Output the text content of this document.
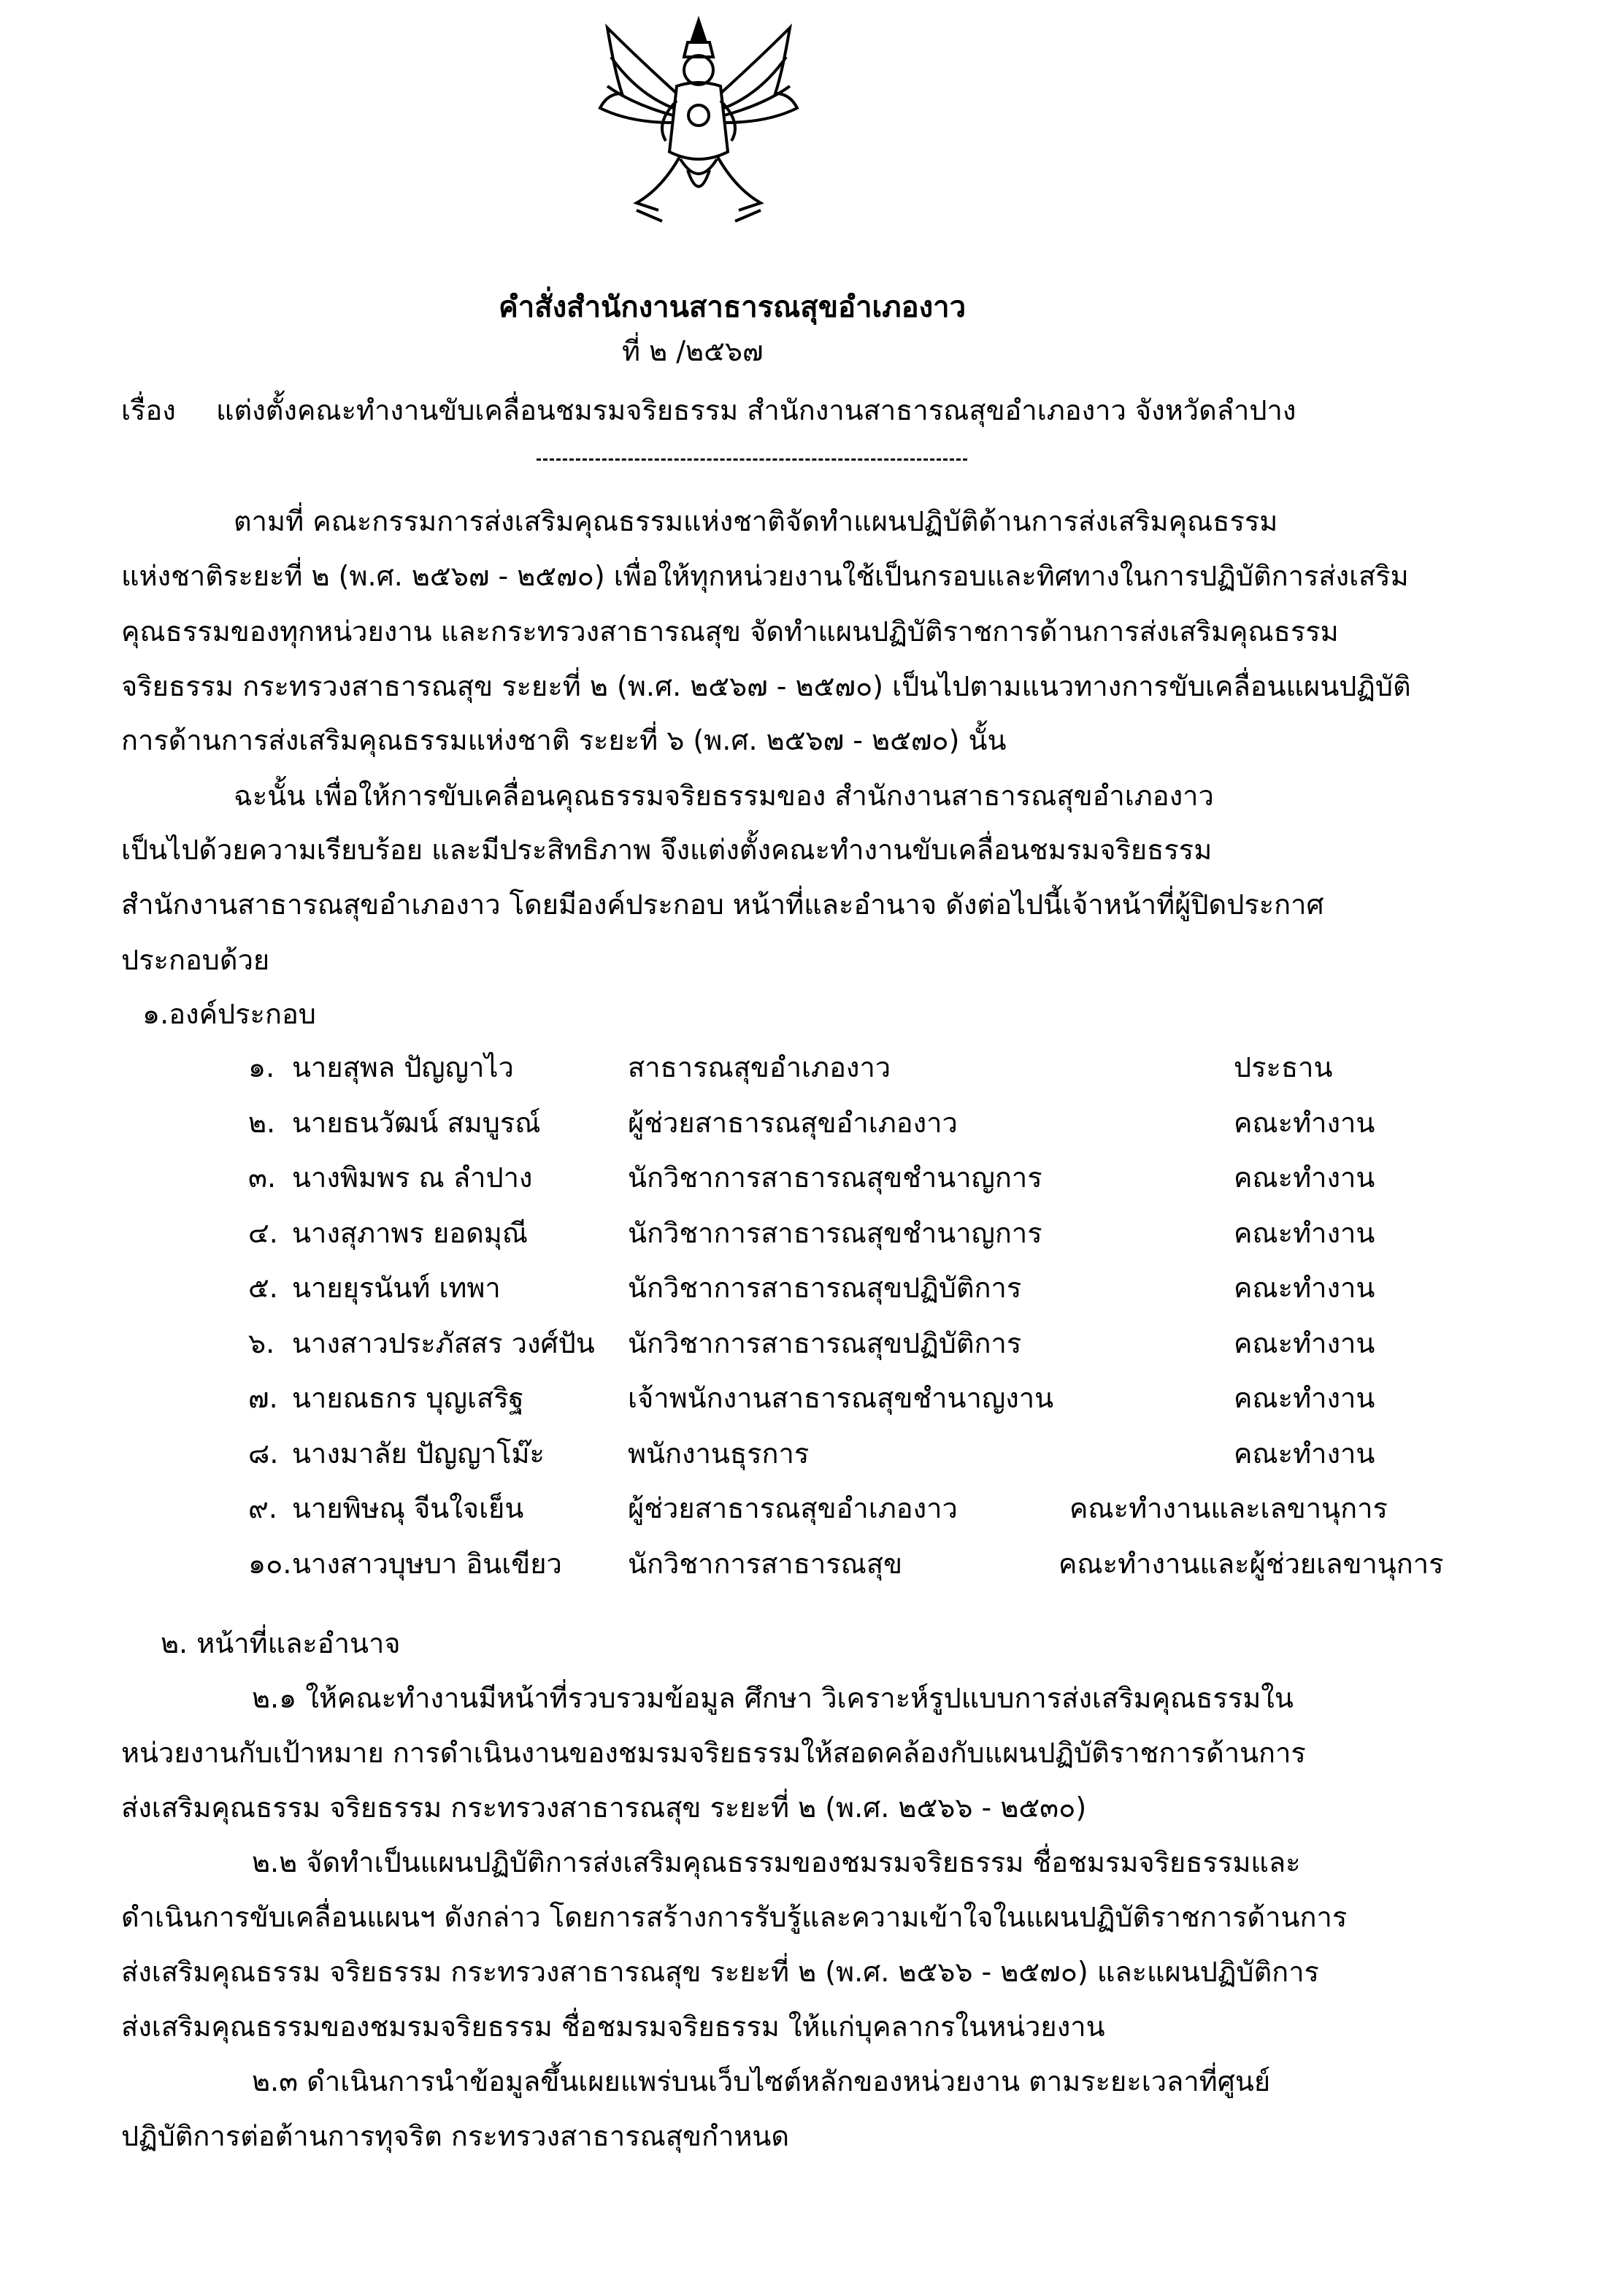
คำสั่งสำนักงานสาธารณสุขอำเภองาว
ที่ ๒ /๒๕๖๗
เรื่อง แต่งตั้งคณะทำงานขับเคลื่อนชมรมจริยธรรม สำนักงานสาธารณสุขอำเภองาว จังหวัดลำปาง
ตามที่ คณะกรรมการส่งเสริมคุณธรรมแห่งชาติจัดทำแผนปฏิบัติด้านการส่งเสริมคุณธรรม
แห่งชาติระยะที่ ๒ (พ.ศ. ๒๕๖๗ - ๒๕๗๐) เพื่อให้ทุกหน่วยงานใช้เป็นกรอบและทิศทางในการปฏิบัติการส่งเสริม
คุณธรรมของทุกหน่วยงาน และกระทรวงสาธารณสุข จัดทำแผนปฏิบัติราชการด้านการส่งเสริมคุณธรรม
จริยธรรม กระทรวงสาธารณสุข ระยะที่ ๒ (พ.ศ. ๒๕๖๗ - ๒๕๗๐) เป็นไปตามแนวทางการขับเคลื่อนแผนปฏิบัติ
การด้านการส่งเสริมคุณธรรมแห่งชาติ ระยะที่ ๖ (พ.ศ. ๒๕๖๗ - ๒๕๗๐) นั้น
ฉะนั้น เพื่อให้การขับเคลื่อนคุณธรรมจริยธรรมของ สำนักงานสาธารณสุขอำเภองาว
เป็นไปด้วยความเรียบร้อย และมีประสิทธิภาพ จึงแต่งตั้งคณะทำงานขับเคลื่อนชมรมจริยธรรม
สำนักงานสาธารณสุขอำเภองาว โดยมีองค์ประกอบ หน้าที่และอำนาจ ดังต่อไปนี้เจ้าหน้าที่ผู้ปิดประกาศ
ประกอบด้วย
๑.องค์ประกอบ
๑. นายสุพล ปัญญาไว	สาธารณสุขอำเภองาว	ประธาน
๒. นายธนวัฒน์ สมบูรณ์	ผู้ช่วยสาธารณสุขอำเภองาว	คณะทำงาน
๓. นางพิมพร ณ ลำปาง	นักวิชาการสาธารณสุขชำนาญการ	คณะทำงาน
๔. นางสุภาพร ยอดมุณี	นักวิชาการสาธารณสุขชำนาญการ	คณะทำงาน
๕. นายยุรนันท์ เทพา	นักวิชาการสาธารณสุขปฏิบัติการ	คณะทำงาน
๖. นางสาวประภัสสร วงศ์ปัน นักวิชาการสาธารณสุขปฏิบัติการ	คณะทำงาน
๗. นายณธกร บุญเสริฐ	เจ้าพนักงานสาธารณสุขชำนาญงาน	คณะทำงาน
๘. นางมาลัย ปัญญาโม๊ะ	พนักงานธุรการ	คณะทำงาน
๙. นายพิษณุ จีนใจเย็น	ผู้ช่วยสาธารณสุขอำเภองาว	คณะทำงานและเลขานุการ
๑๐. นางสาวบุษบา อินเขียว นักวิชาการสาธารณสุข	คณะทำงานและผู้ช่วยเลขานุการ
๒. หน้าที่และอำนาจ
๒.๑ ให้คณะทำงานมีหน้าที่รวบรวมข้อมูล ศึกษา วิเคราะห์รูปแบบการส่งเสริมคุณธรรมใน
หน่วยงานกับเป้าหมาย การดำเนินงานของชมรมจริยธรรมให้สอดคล้องกับแผนปฏิบัติราชการด้านการ
ส่งเสริมคุณธรรม จริยธรรม กระทรวงสาธารณสุข ระยะที่ ๒ (พ.ศ. ๒๕๖๖ - ๒๕๓๐)
๒.๒ จัดทำเป็นแผนปฏิบัติการส่งเสริมคุณธรรมของชมรมจริยธรรม ชื่อชมรมจริยธรรมและ
ดำเนินการขับเคลื่อนแผนฯ ดังกล่าว โดยการสร้างการรับรู้และความเข้าใจในแผนปฏิบัติราชการด้านการ
ส่งเสริมคุณธรรม จริยธรรม กระทรวงสาธารณสุข ระยะที่ ๒ (พ.ศ. ๒๕๖๖ - ๒๕๗๐) และแผนปฏิบัติการ
ส่งเสริมคุณธรรมของชมรมจริยธรรม ชื่อชมรมจริยธรรม ให้แก่บุคลากรในหน่วยงาน
๒.๓ ดำเนินการนำข้อมูลขึ้นเผยแพร่บนเว็บไซต์หลักของหน่วยงาน ตามระยะเวลาที่ศูนย์
ปฏิบัติการต่อต้านการทุจริต กระทรวงสาธารณสุขกำหนด
